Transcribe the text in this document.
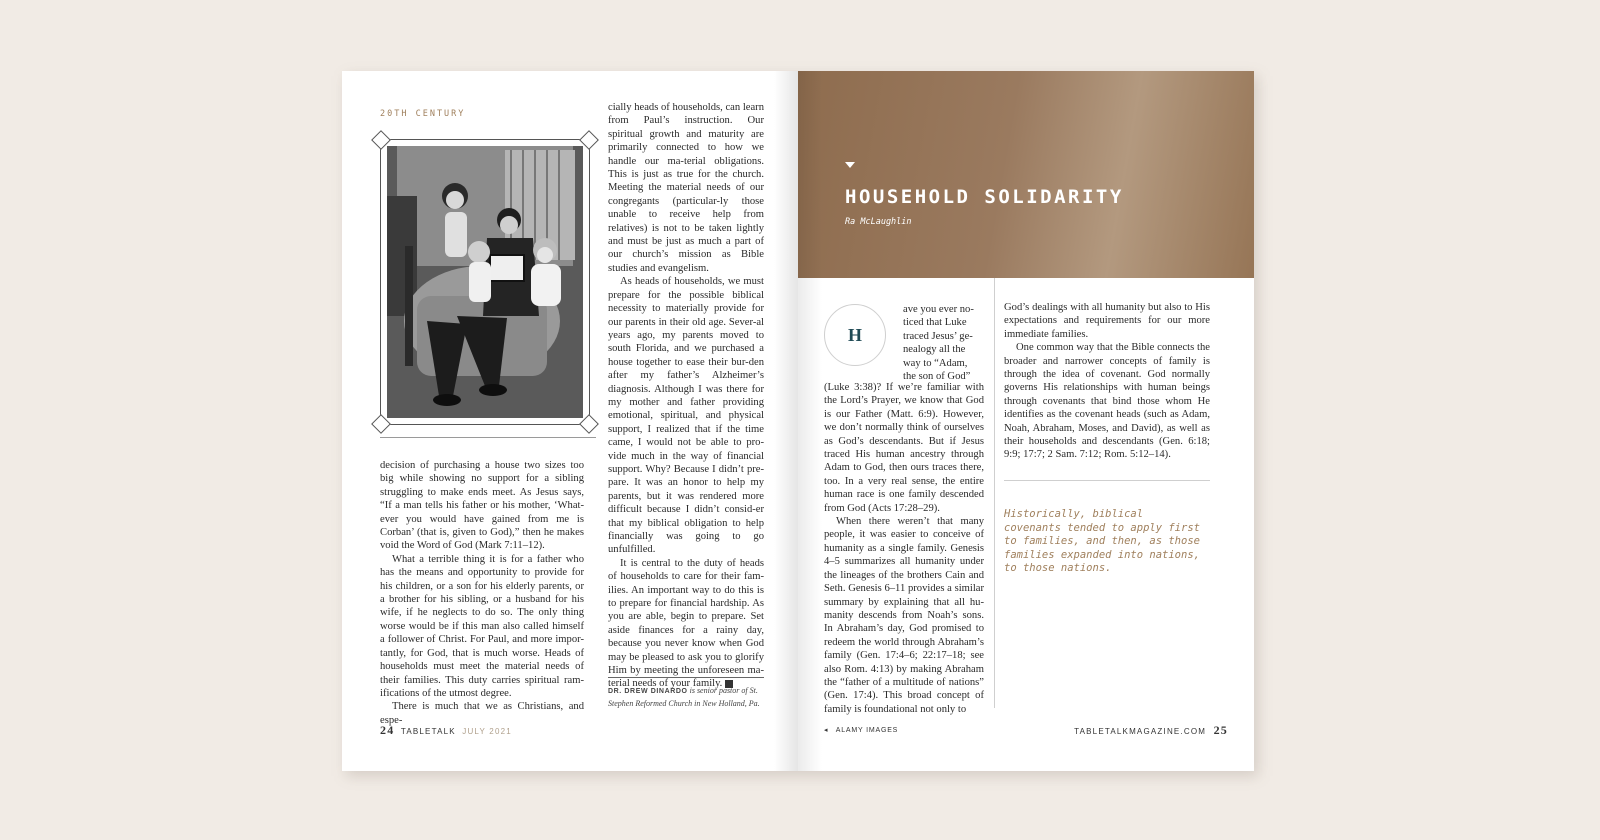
20TH CENTURY

decision of purchasing a house two sizes too big while showing no support for a sibling struggling to make ends meet. As Jesus says, “If a man tells his father or his mother, ‘What-ever you would have gained from me is Corban’ (that is, given to God),” then he makes void the Word of God (Mark 7:11–12).

What a terrible thing it is for a father who has the means and opportunity to provide for his children, or a son for his elderly parents, or a brother for his sibling, or a husband for his wife, if he neglects to do so. The only thing worse would be if this man also called himself a follower of Christ. For Paul, and more impor-tantly, for God, that is much worse. Heads of households must meet the material needs of their families. This duty carries spiritual ram-ifications of the utmost degree.

There is much that we as Christians, and espe-

cially heads of households, can learn from Paul’s instruction. Our spiritual growth and maturity are primarily connected to how we handle our ma-terial obligations. This is just as true for the church. Meeting the material needs of our congregants (particular-ly those unable to receive help from relatives) is not to be taken lightly and must be just as much a part of our church’s mission as Bible studies and evangelism.

As heads of households, we must prepare for the possible biblical necessity to materially provide for our parents in their old age. Sever-al years ago, my parents moved to south Florida, and we purchased a house together to ease their bur-den after my father’s Alzheimer’s diagnosis. Although I was there for my mother and father providing emotional, spiritual, and physical support, I realized that if the time came, I would not be able to pro-vide much in the way of financial support. Why? Because I didn’t pre-pare. It was an honor to help my parents, but it was rendered more difficult because I didn’t consid-er that my biblical obligation to help financially was going to go unfulfilled.

It is central to the duty of heads of households to care for their fam-ilies. An important way to do this is to prepare for financial hardship. As you are able, begin to prepare. Set aside finances for a rainy day, because you never know when God may be pleased to ask you to glorify Him by meeting the unforeseen ma-terial needs of your family.

DR. DREW DINARDO is senior pastor of St. Stephen Reformed Church in New Holland, Pa.
24 TABLETALK JULY 2021
HOUSEHOLD SOLIDARITY
Ra McLaughlin
H

ave you ever no-ticed that Luke traced Jesus’ ge-nealogy all the way to “Adam, the son of God”

(Luke 3:38)? If we’re familiar with the Lord’s Prayer, we know that God is our Father (Matt. 6:9). However, we don’t normally think of ourselves as God’s descendants. But if Jesus traced His human ancestry through Adam to God, then ours traces there, too. In a very real sense, the entire human race is one family descended from God (Acts 17:28–29).

When there weren’t that many people, it was easier to conceive of humanity as a single family. Genesis 4–5 summarizes all humanity under the lineages of the brothers Cain and Seth. Genesis 6–11 provides a similar summary by explaining that all hu-manity descends from Noah’s sons. In Abraham’s day, God promised to redeem the world through Abraham’s family (Gen. 17:4–6; 22:17–18; see also Rom. 4:13) by making Abraham the “father of a multitude of nations” (Gen. 17:4). This broad concept of family is foundational not only to

God’s dealings with all humanity but also to His expectations and requirements for our more immediate families.

One common way that the Bible connects the broader and narrower concepts of family is through the idea of covenant. God normally governs His relationships with human beings through covenants that bind those whom He identifies as the covenant heads (such as Adam, Noah, Abraham, Moses, and David), as well as their households and descendants (Gen. 6:18; 9:9; 17:7; 2 Sam. 7:12; Rom. 5:12–14).

Historically, biblical covenants tended to apply first to families, and then, as those families expanded into nations, to those nations.
◂ ALAMY IMAGES	TABLETALKMAGAZINE.COM 25
